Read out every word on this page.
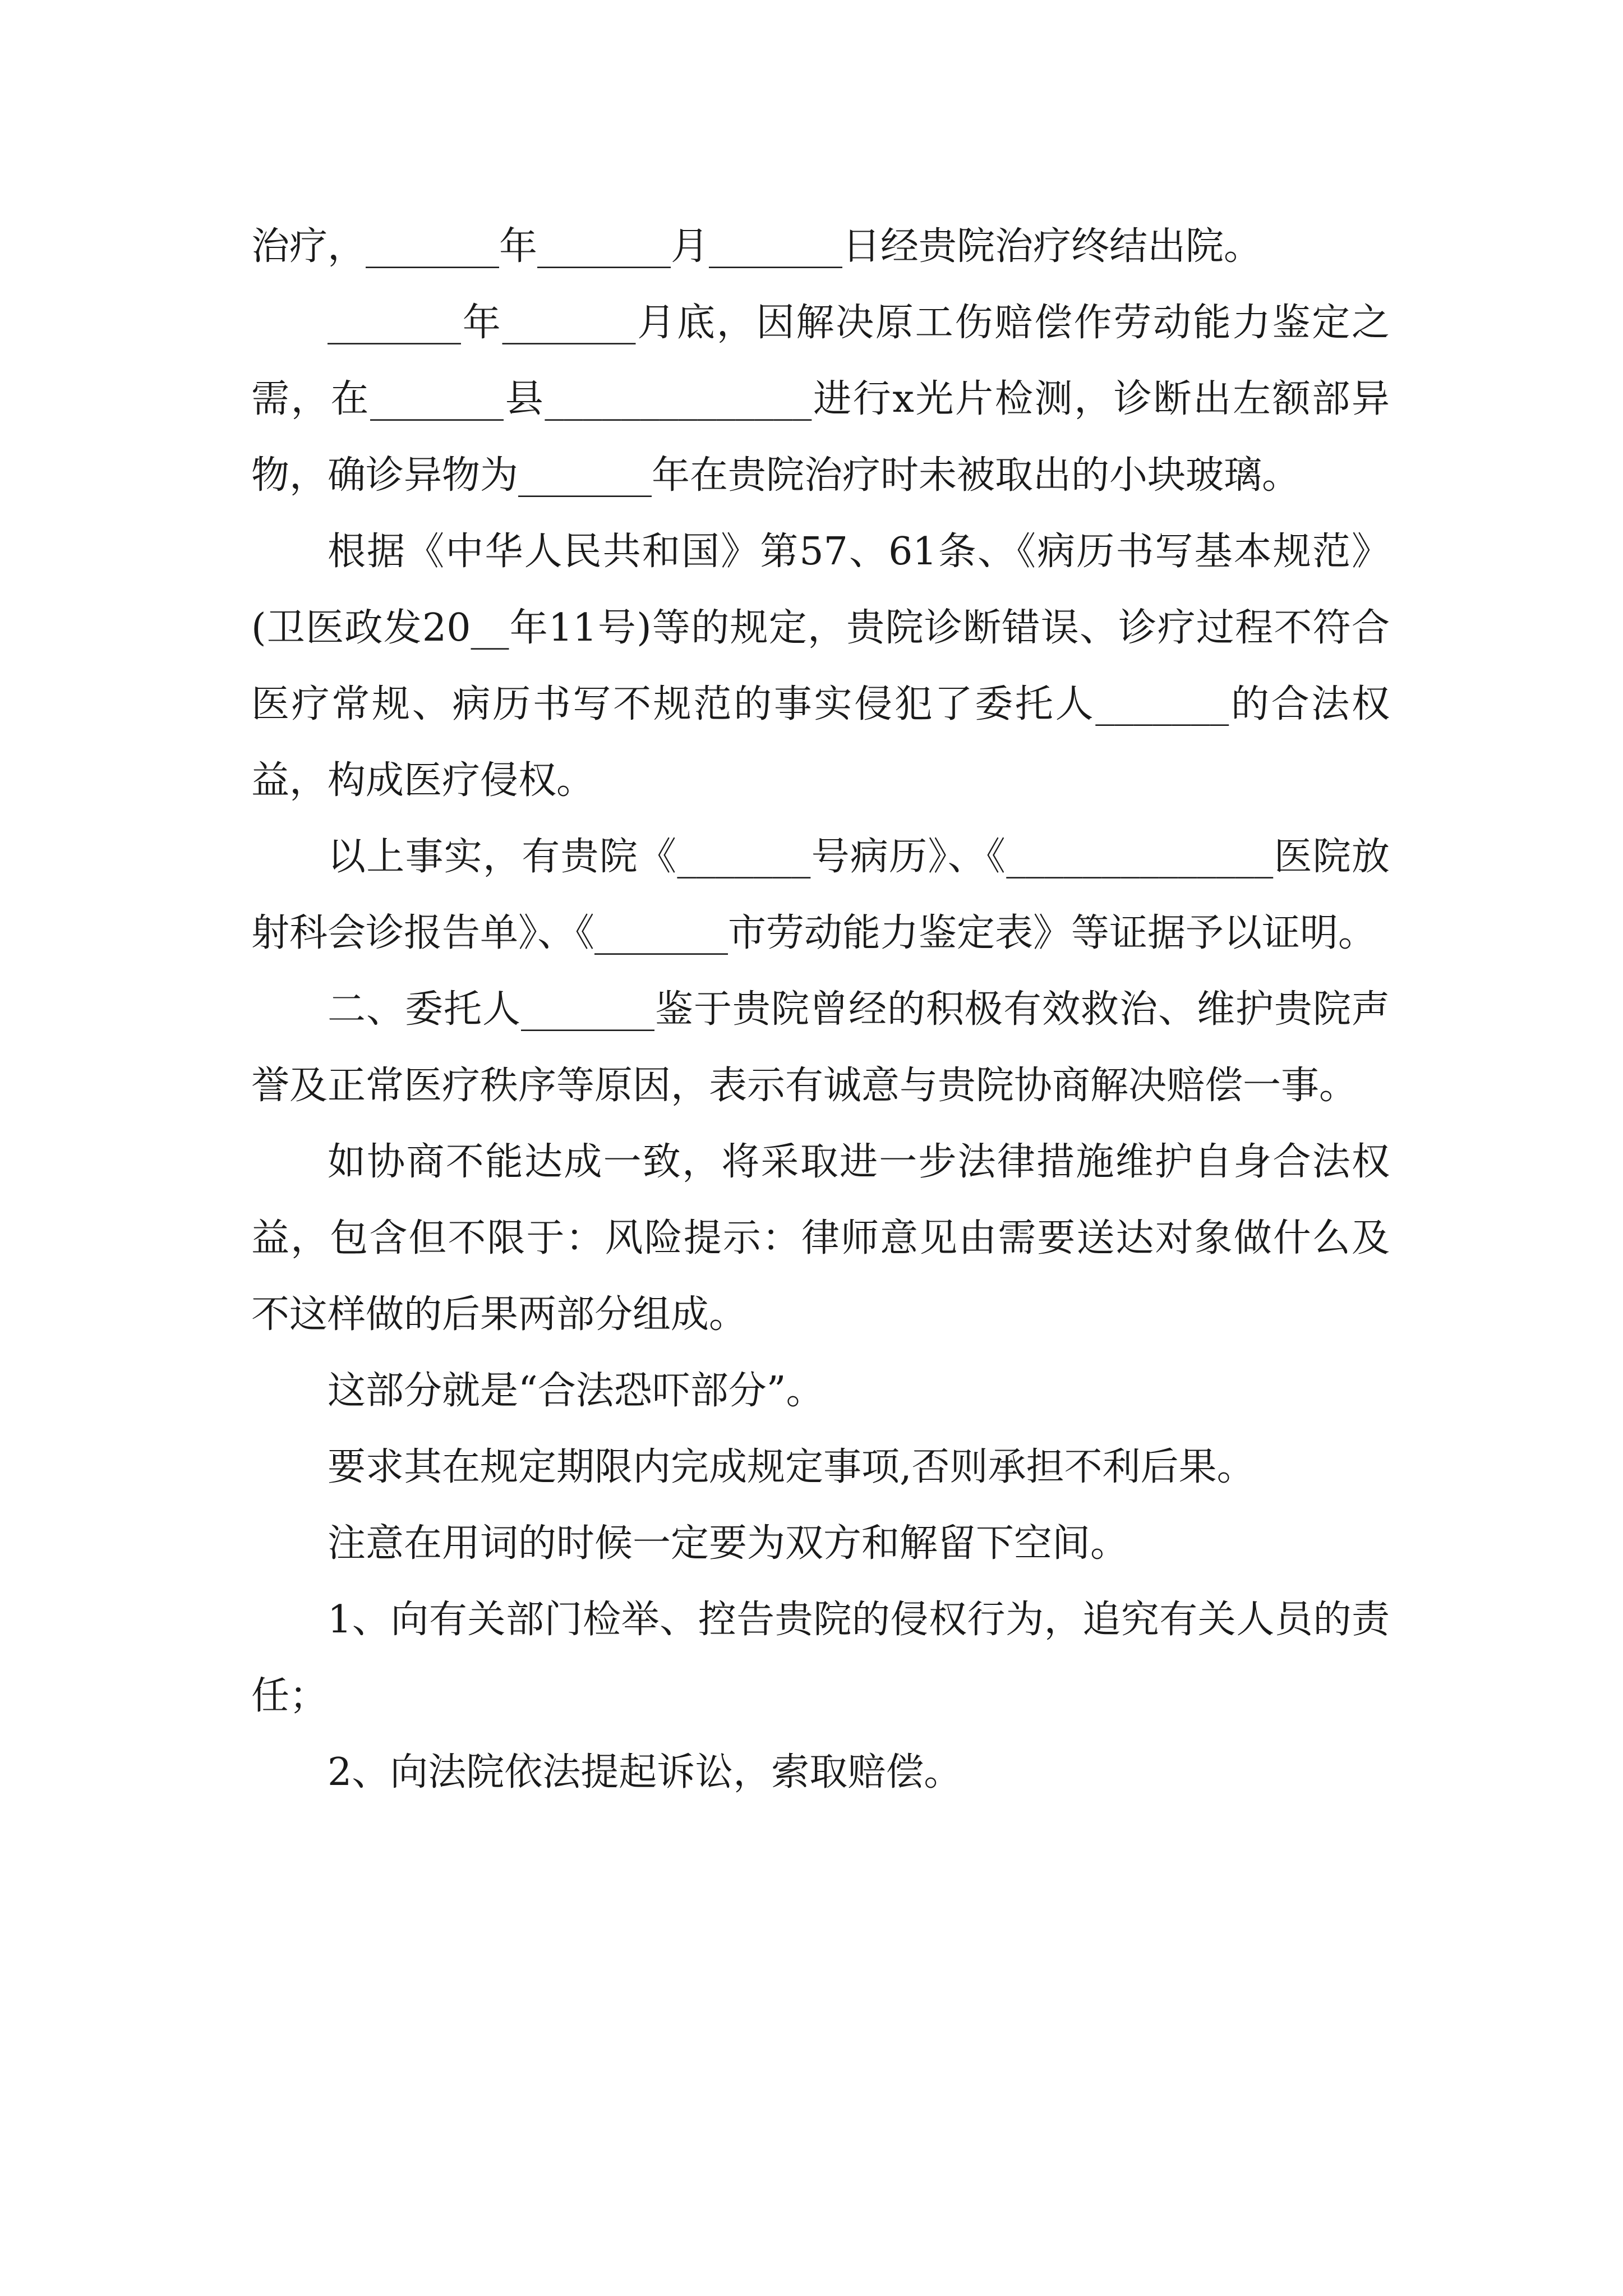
治疗，_______年_______月_______日经贵院治疗终结出院。

_______年_______月底，因解决原工伤赔偿作劳动能力鉴定之需，在_______县______________进行x光片检测，诊断出左额部异物，确诊异物为_______年在贵院治疗时未被取出的小块玻璃。

根据《中华人民共和国》第57、61条、《病历书写基本规范》(卫医政发20__年11号)等的规定，贵院诊断错误、诊疗过程不符合医疗常规、病历书写不规范的事实侵犯了委托人_______的合法权益，构成医疗侵权。

以上事实，有贵院《_______号病历》、《______________医院放射科会诊报告单》、《_______市劳动能力鉴定表》等证据予以证明。

二、委托人_______鉴于贵院曾经的积极有效救治、维护贵院声誉及正常医疗秩序等原因，表示有诚意与贵院协商解决赔偿一事。

如协商不能达成一致，将采取进一步法律措施维护自身合法权益，包含但不限于：风险提示：律师意见由需要送达对象做什么及不这样做的后果两部分组成。

这部分就是“合法恐吓部分”。

要求其在规定期限内完成规定事项,否则承担不利后果。

注意在用词的时候一定要为双方和解留下空间。

1、向有关部门检举、控告贵院的侵权行为，追究有关人员的责任；

2、向法院依法提起诉讼，索取赔偿。
